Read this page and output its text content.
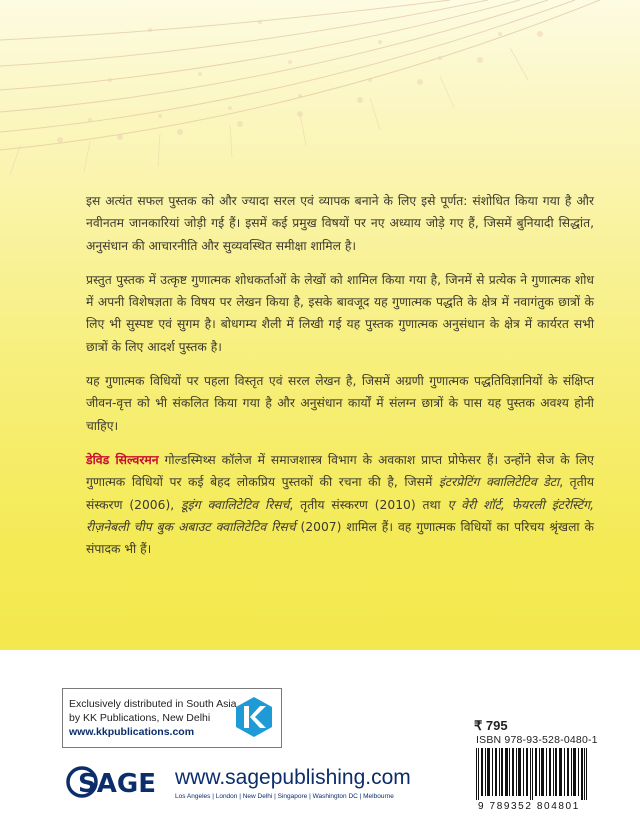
इस अत्यंत सफल पुस्तक को और ज्यादा सरल एवं व्यापक बनाने के लिए इसे पूर्णत: संशोधित किया गया है और नवीनतम जानकारियां जोड़ी गई हैं। इसमें कई प्रमुख विषयों पर नए अध्याय जोड़े गए हैं, जिसमें बुनियादी सिद्धांत, अनुसंधान की आचारनीति और सुव्यवस्थित समीक्षा शामिल है।

प्रस्तुत पुस्तक में उत्कृष्ट गुणात्मक शोधकर्ताओं के लेखों को शामिल किया गया है, जिनमें से प्रत्येक ने गुणात्मक शोध में अपनी विशेषज्ञता के विषय पर लेखन किया है, इसके बावजूद यह गुणात्मक पद्धति के क्षेत्र में नवागंतुक छात्रों के लिए भी सुस्पष्ट एवं सुगम है। बोधगम्य शैली में लिखी गई यह पुस्तक गुणात्मक अनुसंधान के क्षेत्र में कार्यरत सभी छात्रों के लिए आदर्श पुस्तक है।

यह गुणात्मक विधियों पर पहला विस्तृत एवं सरल लेखन है, जिसमें अग्रणी गुणात्मक पद्धतिविज्ञानियों के संक्षिप्त जीवन-वृत्त को भी संकलित किया गया है और अनुसंधान कार्यों में संलग्न छात्रों के पास यह पुस्तक अवश्य होनी चाहिए।

डेविड सिल्वरमन गोल्डस्मिथ्स कॉलेज में समाजशास्त्र विभाग के अवकाश प्राप्त प्रोफेसर हैं। उन्होंने सेज के लिए गुणात्मक विधियों पर कई बेहद लोकप्रिय पुस्तकों की रचना की है, जिसमें इंटरप्रेटिंग क्वालिटेटिव डेटा, तृतीय संस्करण (2006), डूइंग क्वालिटेटिव रिसर्च, तृतीय संस्करण (2010) तथा ए वेरी शॉर्ट, फेयरली इंटरेस्टिंग, रीज़नेबली चीप बुक अबाउट क्वालिटेटिव रिसर्च (2007) शामिल हैं। वह गुणात्मक विधियों का परिचय श्रृंखला के संपादक भी हैं।

Exclusively distributed in South Asia
by KK Publications, New Delhi
www.kkpublications.com	₹ 795
ISBN 978-93-528-0480-1
9 789352 804801
SAGE www.sagepublishing.com
Los Angeles | London | New Delhi | Singapore | Washington DC | Melbourne
